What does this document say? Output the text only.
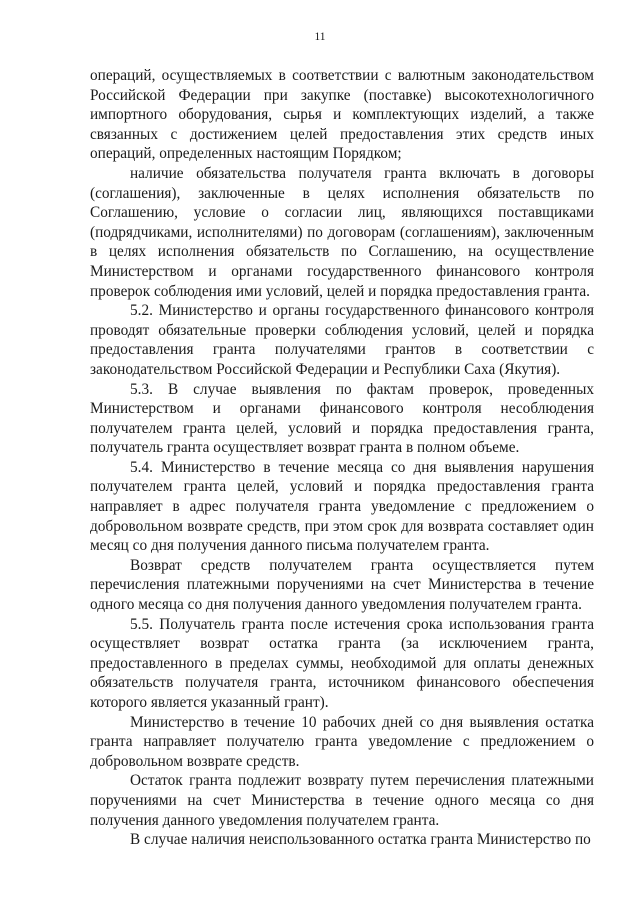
11

операций, осуществляемых в соответствии с валютным законодательством Российской Федерации при закупке (поставке) высокотехнологичного импортного оборудования, сырья и комплектующих изделий, а также связанных с достижением целей предоставления этих средств иных операций, определенных настоящим Порядком;

наличие обязательства получателя гранта включать в договоры (соглашения), заключенные в целях исполнения обязательств по Соглашению, условие о согласии лиц, являющихся поставщиками (подрядчиками, исполнителями) по договорам (соглашениям), заключенным в целях исполнения обязательств по Соглашению, на осуществление Министерством и органами государственного финансового контроля проверок соблюдения ими условий, целей и порядка предоставления гранта.

5.2. Министерство и органы государственного финансового контроля проводят обязательные проверки соблюдения условий, целей и порядка предоставления гранта получателями грантов в соответствии с законодательством Российской Федерации и Республики Саха (Якутия).

5.3. В случае выявления по фактам проверок, проведенных Министерством и органами финансового контроля несоблюдения получателем гранта целей, условий и порядка предоставления гранта, получатель гранта осуществляет возврат гранта в полном объеме.

5.4. Министерство в течение месяца со дня выявления нарушения получателем гранта целей, условий и порядка предоставления гранта направляет в адрес получателя гранта уведомление с предложением о добровольном возврате средств, при этом срок для возврата составляет один месяц со дня получения данного письма получателем гранта.

Возврат средств получателем гранта осуществляется путем перечисления платежными поручениями на счет Министерства в течение одного месяца со дня получения данного уведомления получателем гранта.

5.5. Получатель гранта после истечения срока использования гранта осуществляет возврат остатка гранта (за исключением гранта, предоставленного в пределах суммы, необходимой для оплаты денежных обязательств получателя гранта, источником финансового обеспечения которого является указанный грант).

Министерство в течение 10 рабочих дней со дня выявления остатка гранта направляет получателю гранта уведомление с предложением о добровольном возврате средств.

Остаток гранта подлежит возврату путем перечисления платежными поручениями на счет Министерства в течение одного месяца со дня получения данного уведомления получателем гранта.

В случае наличия неиспользованного остатка гранта Министерство по
